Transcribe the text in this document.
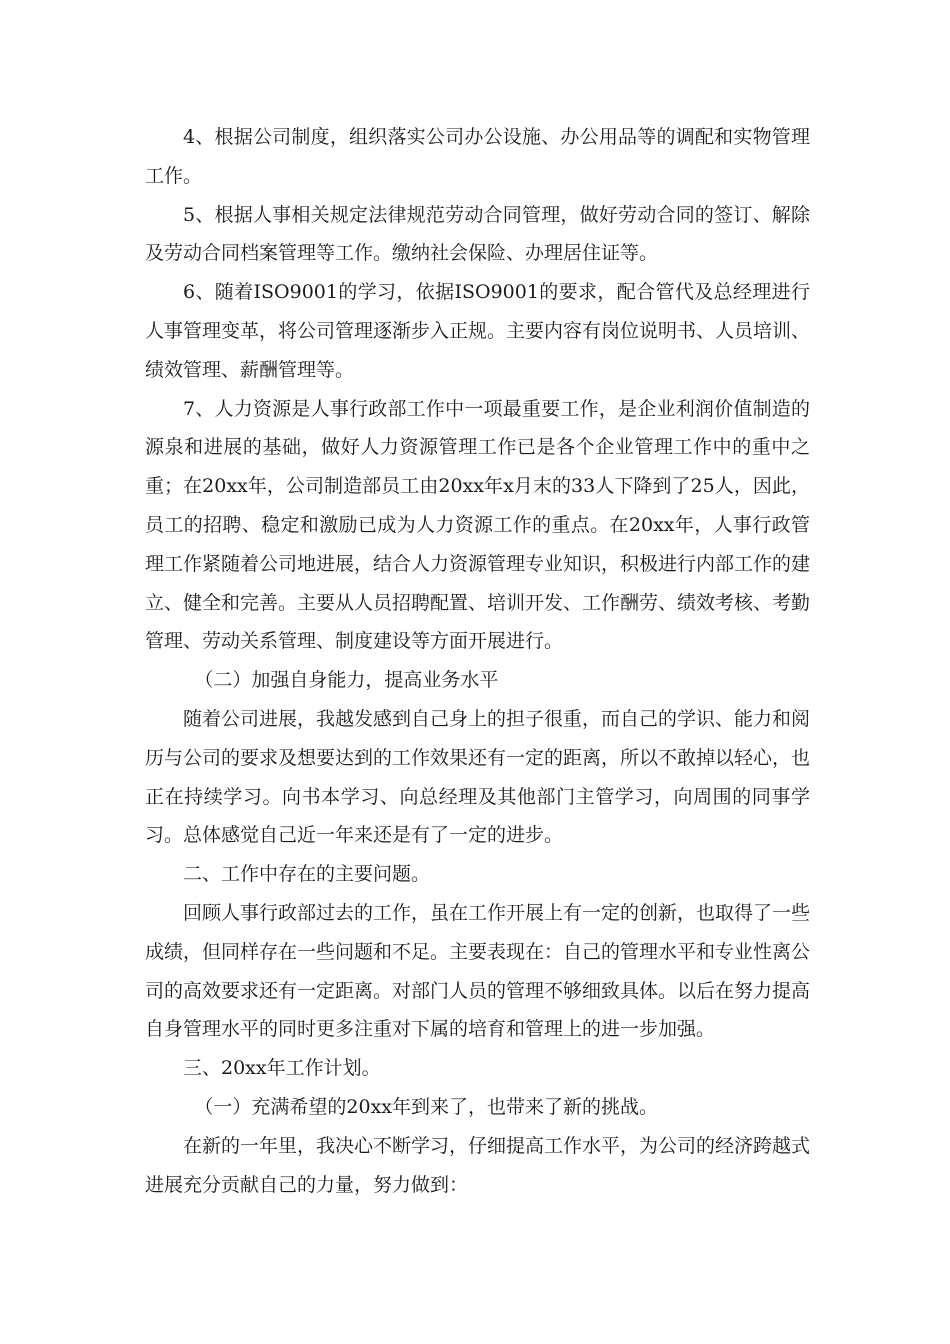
4、根据公司制度，组织落实公司办公设施、办公用品等的调配和实物管理工作。

5、根据人事相关规定法律规范劳动合同管理，做好劳动合同的签订、解除及劳动合同档案管理等工作。缴纳社会保险、办理居住证等。

6、随着ISO9001的学习，依据ISO9001的要求，配合管代及总经理进行人事管理变革，将公司管理逐渐步入正规。主要内容有岗位说明书、人员培训、绩效管理、薪酬管理等。

7、人力资源是人事行政部工作中一项最重要工作，是企业利润价值制造的源泉和进展的基础，做好人力资源管理工作已是各个企业管理工作中的重中之重；在20xx年，公司制造部员工由20xx年x月末的33人下降到了25人，因此，员工的招聘、稳定和激励已成为人力资源工作的重点。在20xx年，人事行政管理工作紧随着公司地进展，结合人力资源管理专业知识，积极进行内部工作的建立、健全和完善。主要从人员招聘配置、培训开发、工作酬劳、绩效考核、考勤管理、劳动关系管理、制度建设等方面开展进行。

（二）加强自身能力，提高业务水平

随着公司进展，我越发感到自己身上的担子很重，而自己的学识、能力和阅历与公司的要求及想要达到的工作效果还有一定的距离，所以不敢掉以轻心，也正在持续学习。向书本学习、向总经理及其他部门主管学习，向周围的同事学习。总体感觉自己近一年来还是有了一定的进步。

二、工作中存在的主要问题。

回顾人事行政部过去的工作，虽在工作开展上有一定的创新，也取得了一些成绩，但同样存在一些问题和不足。主要表现在：自己的管理水平和专业性离公司的高效要求还有一定距离。对部门人员的管理不够细致具体。以后在努力提高自身管理水平的同时更多注重对下属的培育和管理上的进一步加强。

三、20xx年工作计划。

（一）充满希望的20xx年到来了，也带来了新的挑战。

在新的一年里，我决心不断学习，仔细提高工作水平，为公司的经济跨越式进展充分贡献自己的力量，努力做到：
